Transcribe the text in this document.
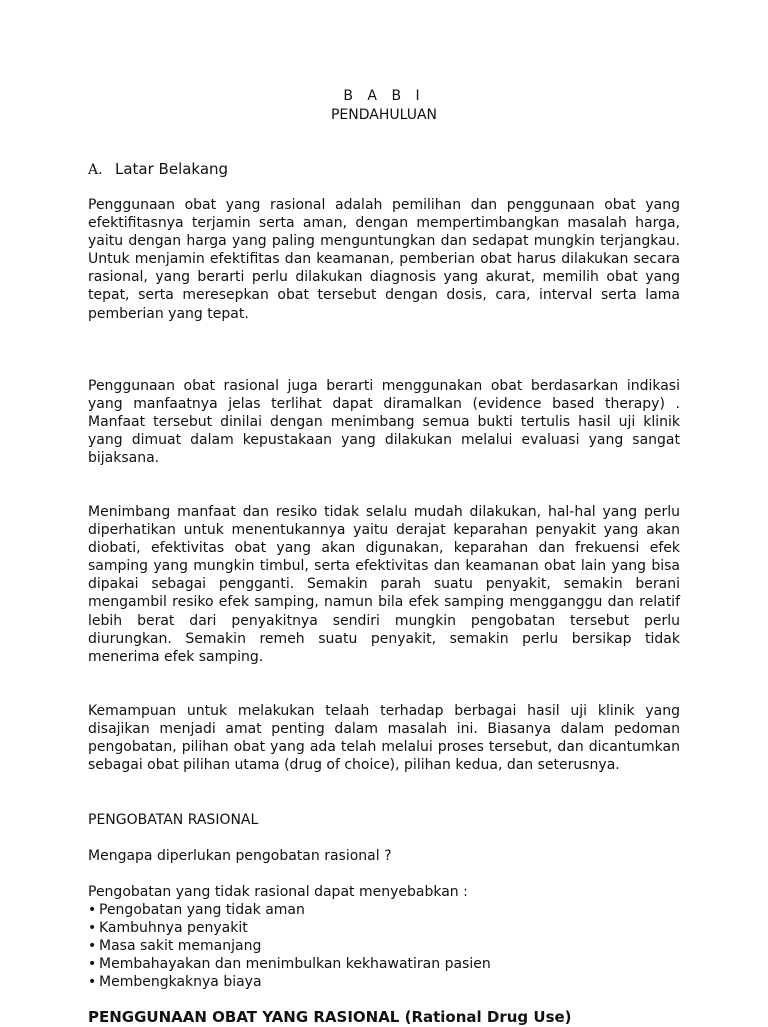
B A B I
PENDAHULUAN
A. Latar Belakang

Penggunaan obat yang rasional adalah pemilihan dan penggunaan obat yang efektifitasnya terjamin serta aman, dengan mempertimbangkan masalah harga, yaitu dengan harga yang paling menguntungkan dan sedapat mungkin terjangkau. Untuk menjamin efektifitas dan keamanan, pemberian obat harus dilakukan secara rasional, yang berarti perlu dilakukan diagnosis yang akurat, memilih obat yang tepat, serta meresepkan obat tersebut dengan dosis, cara, interval serta lama pemberian yang tepat.

Penggunaan obat rasional juga berarti menggunakan obat berdasarkan indikasi yang manfaatnya jelas terlihat dapat diramalkan (evidence based therapy) . Manfaat tersebut dinilai dengan menimbang semua bukti tertulis hasil uji klinik yang dimuat dalam kepustakaan yang dilakukan melalui evaluasi yang sangat bijaksana.

Menimbang manfaat dan resiko tidak selalu mudah dilakukan, hal-hal yang perlu diperhatikan untuk menentukannya yaitu derajat keparahan penyakit yang akan diobati, efektivitas obat yang akan digunakan, keparahan dan frekuensi efek samping yang mungkin timbul, serta efektivitas dan keamanan obat lain yang bisa dipakai sebagai pengganti. Semakin parah suatu penyakit, semakin berani mengambil resiko efek samping, namun bila efek samping mengganggu dan relatif lebih berat dari penyakitnya sendiri mungkin pengobatan tersebut perlu diurungkan. Semakin remeh suatu penyakit, semakin perlu bersikap tidak menerima efek samping.

Kemampuan untuk melakukan telaah terhadap berbagai hasil uji klinik yang disajikan menjadi amat penting dalam masalah ini. Biasanya dalam pedoman pengobatan, pilihan obat yang ada telah melalui proses tersebut, dan dicantumkan sebagai obat pilihan utama (drug of choice), pilihan kedua, dan seterusnya.

PENGOBATAN RASIONAL

Mengapa diperlukan pengobatan rasional ?

Pengobatan yang tidak rasional dapat menyebabkan :

• Pengobatan yang tidak aman
• Kambuhnya penyakit
• Masa sakit memanjang
• Membahayakan dan menimbulkan kekhawatiran pasien
• Membengkaknya biaya

PENGGUNAAN OBAT YANG RASIONAL (Rational Drug Use)
